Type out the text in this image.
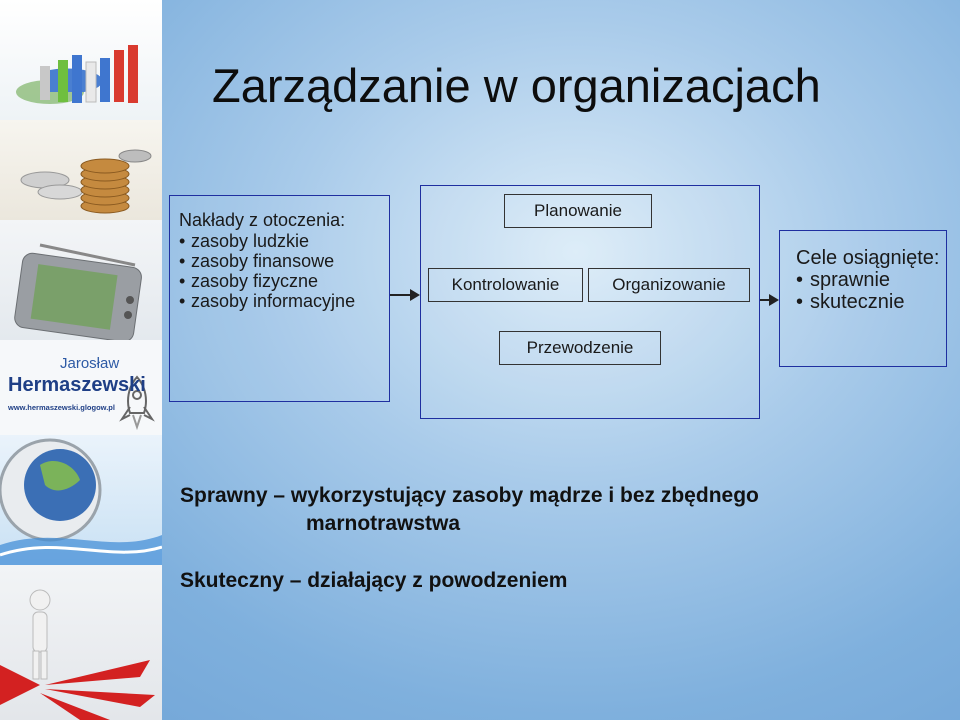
Jarosław
Hermaszewski
www.hermaszewski.glogow.pl
Zarządzanie w organizacjach
Nakłady z otoczenia:
• zasoby ludzkie
• zasoby finansowe
• zasoby fizyczne
• zasoby informacyjne
Planowanie
Kontrolowanie	Organizowanie
Przewodzenie
Cele osiągnięte:
• sprawnie
• skutecznie
Sprawny – wykorzystujący zasoby mądrze i bez zbędnego
marnotrawstwa
Skuteczny – działający z powodzeniem
